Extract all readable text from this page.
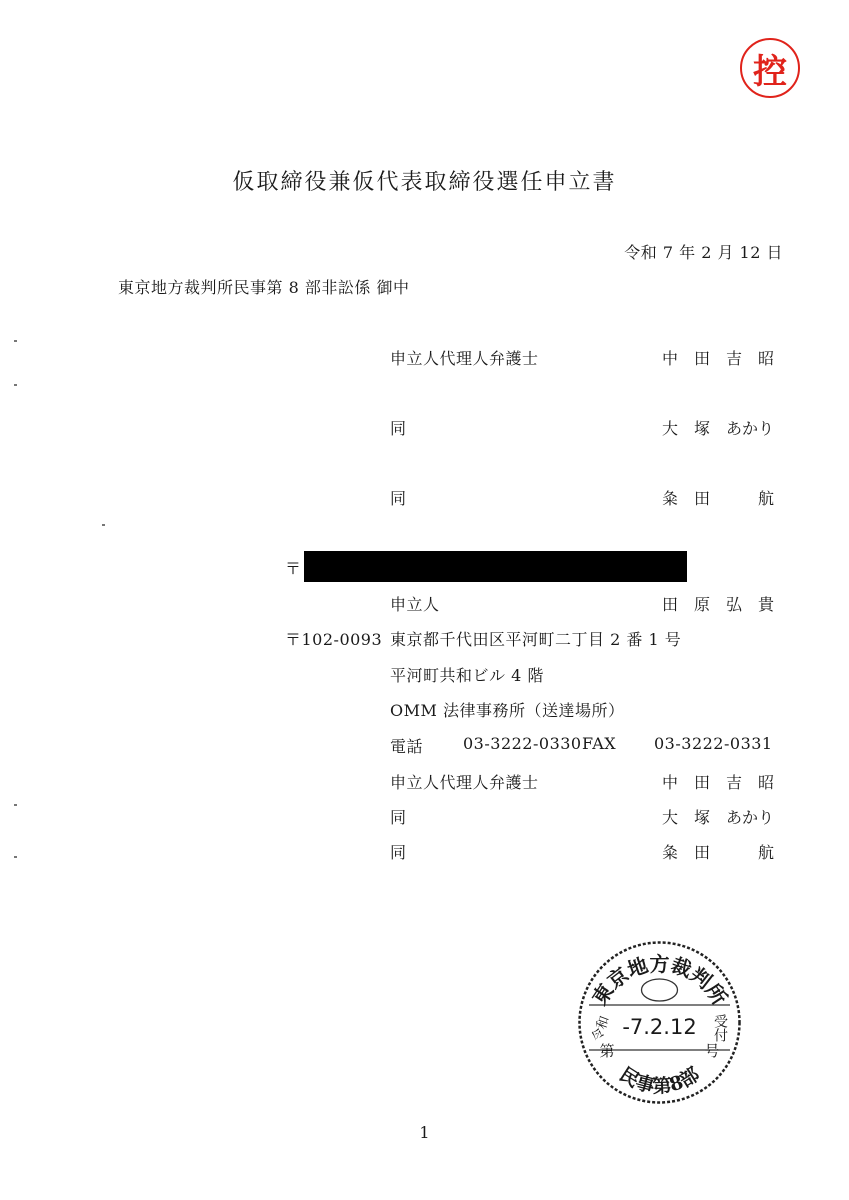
控
仮取締役兼仮代表取締役選任申立書
令和 7 年 2 月 12 日
東京地方裁判所民事第 8 部非訟係 御中
申立人代理人弁護士	中　田　吉　昭
同	大　塚　あかり
同	粂　田　　　航
〒
申立人	田　原　弘　貴
〒102-0093 東京都千代田区平河町二丁目 2 番 1 号
平河町共和ビル 4 階
OMM 法律事務所（送達場所）
電話 03-3222-0330 FAX 03-3222-0331
申立人代理人弁護士	中　田　吉　昭
同	大　塚　あかり
同	粂　田　　　航
東京地方裁判所
-7.2.12
令和	受付
第	号
民事第8部
1
